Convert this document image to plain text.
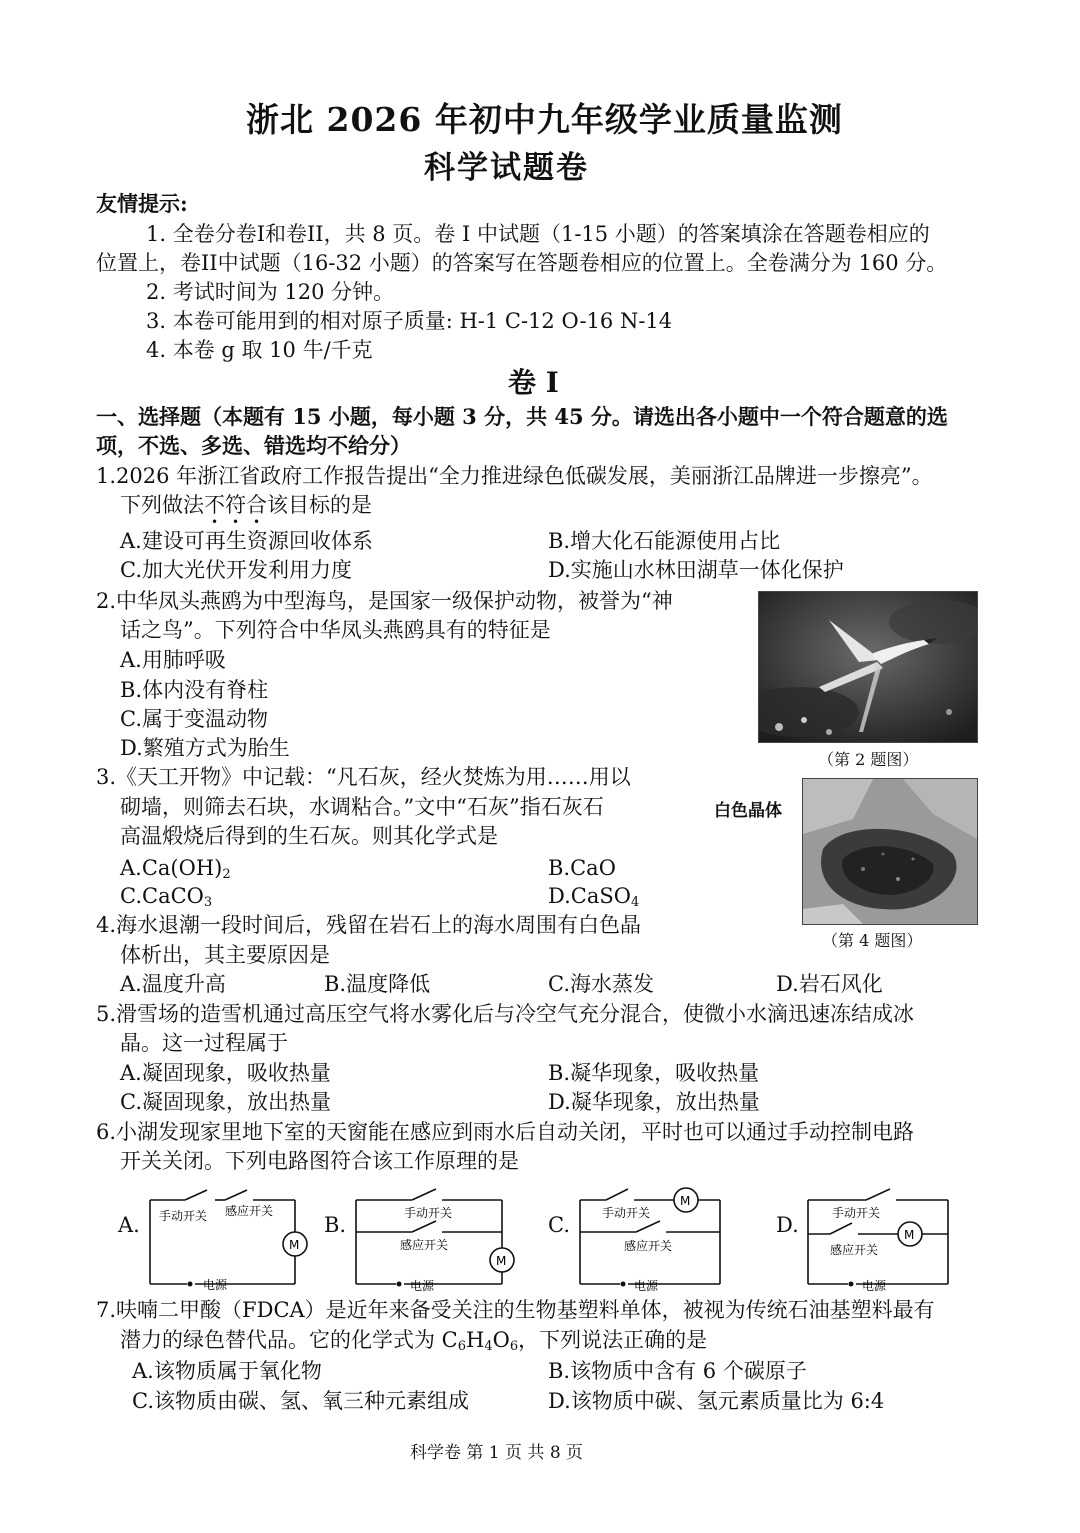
浙北 2026 年初中九年级学业质量监测
科学试题卷
友情提示:
1. 全卷分卷I和卷II，共 8 页。卷 I 中试题（1-15 小题）的答案填涂在答题卷相应的
位置上，卷II中试题（16-32 小题）的答案写在答题卷相应的位置上。全卷满分为 160 分。
2. 考试时间为 120 分钟。
3. 本卷可能用到的相对原子质量: H-1 C-12 O-16 N-14
4. 本卷 g 取 10 牛/千克
卷 I
一、选择题（本题有 15 小题，每小题 3 分，共 45 分。请选出各小题中一个符合题意的选
项，不选、多选、错选均不给分）
1.2026 年浙江省政府工作报告提出“全力推进绿色低碳发展，美丽浙江品牌进一步擦亮”。
下列做法不
•
符
•
合
•
该目标的是
A.建设可再生资源回收体系	B.增大化石能源使用占比
C.加大光伏开发利用力度	D.实施山水林田湖草一体化保护
2.中华凤头燕鸥为中型海鸟，是国家一级保护动物，被誉为“神
话之鸟”。下列符合中华凤头燕鸥具有的特征是
A.用肺呼吸
B.体内没有脊柱
C.属于变温动物
D.繁殖方式为胎生	（第 2 题图）
3.《天工开物》中记载：“凡石灰，经火焚炼为用……用以
砌墙，则筛去石块，水调粘合。”文中“石灰”指石灰石
高温煅烧后得到的生石灰。则其化学式是
$A.Ca(OH)_2$	B.CaO
C.CaCO$_3$	D.CaSO$_4$
白色晶体
（第 4 题图）
4.海水退潮一段时间后，残留在岩石上的海水周围有白色晶
体析出，其主要原因是
A.温度升高	B.温度降低	C.海水蒸发	D.岩石风化
5.滑雪场的造雪机通过高压空气将水雾化后与冷空气充分混合，使微小水滴迅速冻结成冰
晶。这一过程属于
A.凝固现象，吸收热量	B.凝华现象，吸收热量
C.凝固现象，放出热量	D.凝华现象，放出热量
6.小湖发现家里地下室的天窗能在感应到雨水后自动关闭，平时也可以通过手动控制电路
开关关闭。下列电路图符合该工作原理的是
A. 手动开关 感应开关
M
电源
B.	手动开关
感应开关
M
电源
C.	手动开关
感应开关
M
电源
D.	手动开关
感应开关
M
电源
7.呋喃二甲酸（FDCA）是近年来备受关注的生物基塑料单体，被视为传统石油基塑料最有
潜力的绿色替代品。它的化学式为 $C_6H_4O_6$，下列说法正确的是
A.该物质属于氧化物	B.该物质中含有 6 个碳原子
C.该物质由碳、氢、氧三种元素组成	D.该物质中碳、氢元素质量比为 6:4
科学卷 第 1 页 共 8 页
